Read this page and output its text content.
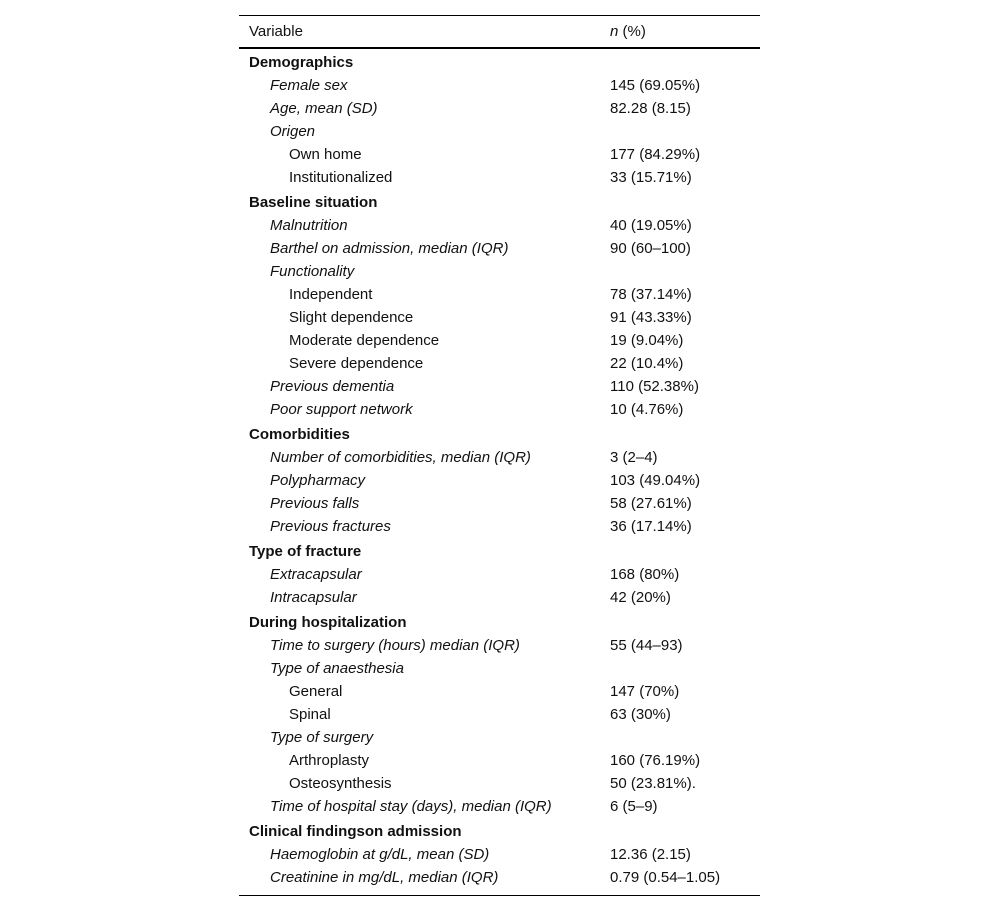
Variable	n (%)
Demographics
Female sex	145 (69.05%)
Age, mean (SD)	82.28 (8.15)
Origen
Own home	177 (84.29%)
Institutionalized	33 (15.71%)
Baseline situation
Malnutrition	40 (19.05%)
Barthel on admission, median (IQR)	90 (60–100)
Functionality
Independent	78 (37.14%)
Slight dependence	91 (43.33%)
Moderate dependence	19 (9.04%)
Severe dependence	22 (10.4%)
Previous dementia	110 (52.38%)
Poor support network	10 (4.76%)
Comorbidities
Number of comorbidities, median (IQR)	3 (2–4)
Polypharmacy	103 (49.04%)
Previous falls	58 (27.61%)
Previous fractures	36 (17.14%)
Type of fracture
Extracapsular	168 (80%)
Intracapsular	42 (20%)
During hospitalization
Time to surgery (hours) median (IQR)	55 (44–93)
Type of anaesthesia
General	147 (70%)
Spinal	63 (30%)
Type of surgery
Arthroplasty	160 (76.19%)
Osteosynthesis	50 (23.81%).
Time of hospital stay (days), median (IQR)	6 (5–9)
Clinical findingson admission
Haemoglobin at g/dL, mean (SD)	12.36 (2.15)
Creatinine in mg/dL, median (IQR)	0.79 (0.54–1.05)
